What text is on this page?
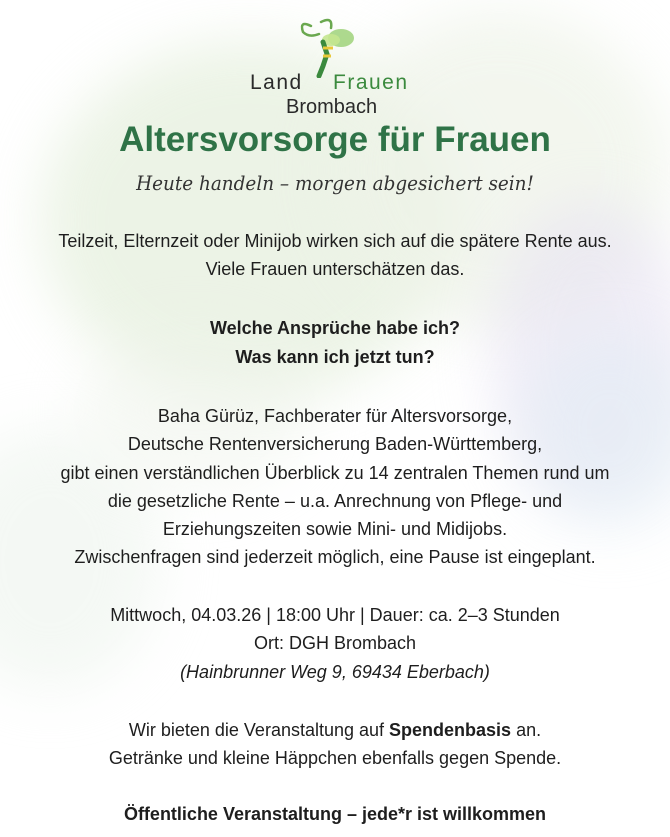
Land Frauen
Brombach
Altersvorsorge für Frauen
Heute handeln – morgen abgesichert sein!
Teilzeit, Elternzeit oder Minijob wirken sich auf die spätere Rente aus.
Viele Frauen unterschätzen das.
Welche Ansprüche habe ich?
Was kann ich jetzt tun?
Baha Gürüz, Fachberater für Altersvorsorge,
Deutsche Rentenversicherung Baden-Württemberg,
gibt einen verständlichen Überblick zu 14 zentralen Themen rund um
die gesetzliche Rente – u.a. Anrechnung von Pflege- und
Erziehungszeiten sowie Mini- und Midijobs.
Zwischenfragen sind jederzeit möglich, eine Pause ist eingeplant.
Mittwoch, 04.03.26 | 18:00 Uhr | Dauer: ca. 2–3 Stunden
Ort: DGH Brombach
(Hainbrunner Weg 9, 69434 Eberbach)
Wir bieten die Veranstaltung auf Spendenbasis an.
Getränke und kleine Häppchen ebenfalls gegen Spende.
Öffentliche Veranstaltung – jede*r ist willkommen
